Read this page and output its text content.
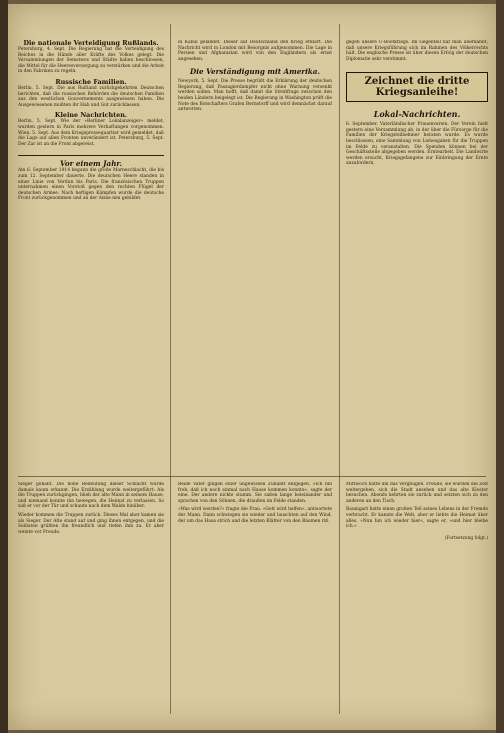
Die nationale Verteidigung Rußlands.

Petersburg, 4. Sept. Die Regierung hat die Verteidigung des Reiches in die Hände aller Kräfte des Volkes gelegt. Die Versammlungen der Semstwos und Städte haben beschlossen, die Mittel für die Heeresversorgung zu verstärken und die Arbeit in den Fabriken zu regeln.

Russische Familien.

Berlin, 5. Sept. Die aus Rußland zurückgekehrten Deutschen berichten, daß die russischen Behörden die deutschen Familien aus den westlichen Gouvernements ausgewiesen haben. Die Ausgewiesenen mußten ihr Hab und Gut zurücklassen.

Kleine Nachrichten.

Berlin, 5. Sept. Wie der »Berliner Lokalanzeiger« meldet, wurden gestern in Paris mehrere Verhaftungen vorgenommen. Wien, 5. Sept. Aus dem Kriegspressequartier wird gemeldet, daß die Lage auf allen Fronten unverändert ist. Petersburg, 5. Sept. Der Zar ist an die Front abgereist.

Vor einem Jahr.

Am 6. September 1914 begann die große Marneschlacht, die bis zum 12. September dauerte. Die deutschen Heere standen in einer Linie von Verdun bis Paris. Die französischen Truppen unternahmen einen Vorstoß gegen den rechten Flügel der deutschen Armee. Nach heftigen Kämpfen wurde die deutsche Front zurückgenommen und an der Aisne neu gebildet.

in Kabul gelandet. Dieser auf Deutschland den Krieg erklärt. Die Nachricht wird in London mit Besorgnis aufgenommen. Die Lage in Persien und Afghanistan wird von den Engländern als ernst angesehen.

Die Verständigung mit Amerika.

Newyork, 5. Sept. Die Presse begrüßt die Erklärung der deutschen Regierung, daß Passagierdampfer nicht ohne Warnung versenkt werden sollen. Man hofft, daß damit die Streitfrage zwischen den beiden Ländern beigelegt ist. Die Regierung in Washington prüft die Note des Botschafters Grafen Bernstorff und wird demnächst darauf antworten.

gegen unsere U-Bootkriegs. Im Gegenteil hat man anerkannt, daß unsere Kriegsführung sich im Rahmen des Völkerrechts hält. Die englische Presse ist über diesen Erfolg der deutschen Diplomatie sehr verstimmt.

Zeichnet die dritte Kriegsanleihe!
Lokal-Nachrichten.

6. September. Vaterländischer Frauenverein. Der Verein hielt gestern eine Versammlung ab, in der über die Fürsorge für die Familien der Kriegsteilnehmer beraten wurde. Es wurde beschlossen, eine Sammlung von Liebesgaben für die Truppen im Felde zu veranstalten. Die Spenden können bei der Geschäftsstelle abgegeben werden. Erntearbeit. Die Landwirte werden ersucht, Kriegsgefangene zur Einbringung der Ernte anzufordern.

Sieger gehabt. Die hohe Bedeutung dieser Schlacht wurde damals kaum erkannt. Die Erzählung wurde weitergeführt: Als die Truppen zurückgingen, blieb der alte Mann in seinem Hause, und niemand konnte ihn bewegen, die Heimat zu verlassen. So saß er vor der Tür und schaute nach dem Walde hinüber.

Wieder kommen die Truppen zurück. Dieses Mal aber kamen sie als Sieger. Der Alte stand auf und ging ihnen entgegen, und die Soldaten grüßten ihn freundlich und riefen ihm zu. Er aber weinte vor Freude.

Beide Väter gingen einer ungewissen Zukunft entgegen. »Ich bin froh, daß ich noch einmal nach Hause kommen konnte«, sagte der eine. Der andere nickte stumm. Sie saßen lange beieinander und sprachen von den Söhnen, die draußen im Felde standen.

»Was wird werden?« fragte die Frau. »Gott wird helfen«, antwortete der Mann. Dann schwiegen sie wieder und lauschten auf den Wind, der um das Haus strich und die letzten Blätter von den Bäumen riß.

Mittwoch hatte ihn das Vergnügen. Freude, sie würden die Zeit weitergeben, sich die Stadt ansehen und das alte Kloster besuchen. Abends kehrten sie zurück und setzten sich zu den anderen an den Tisch.

Baumgart hatte einen großen Teil seines Lebens in der Fremde verbracht. Er kannte die Welt, aber er liebte die Heimat über alles. »Nun bin ich wieder hier«, sagte er, »und hier bleibe ich.«

(Fortsetzung folgt.)
